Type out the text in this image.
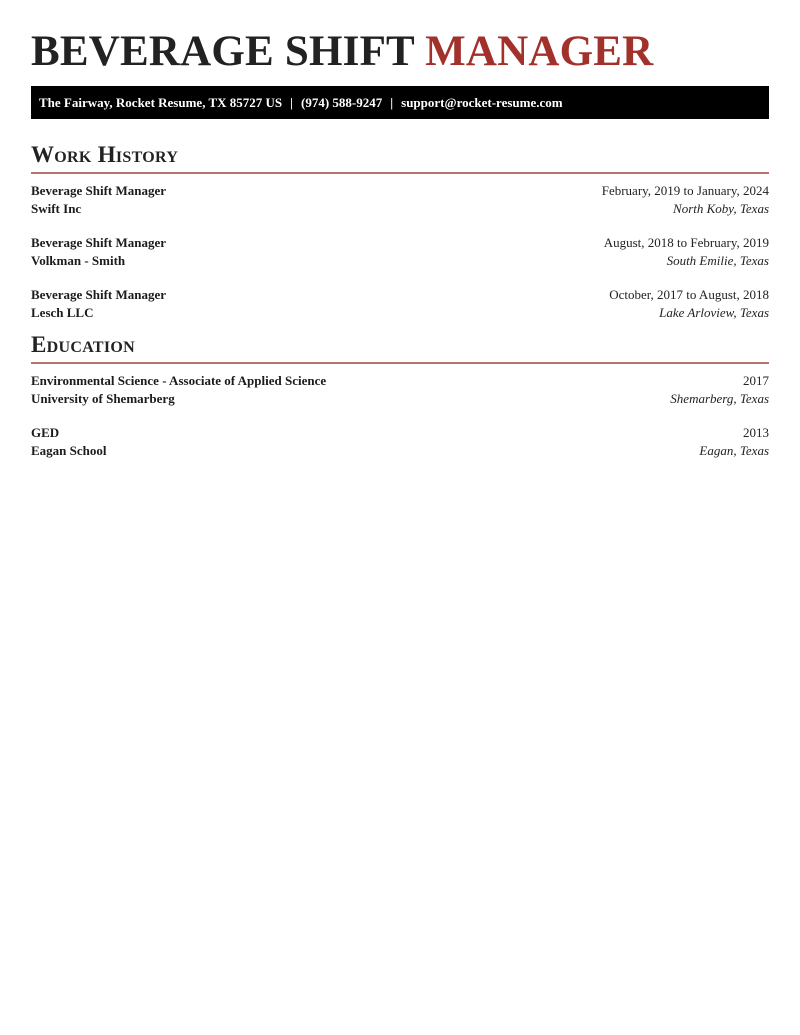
BEVERAGE SHIFT MANAGER
The Fairway, Rocket Resume, TX 85727 US | (974) 588-9247 | support@rocket-resume.com
Work History
Beverage Shift Manager	February, 2019 to January, 2024
Swift Inc	North Koby, Texas
Beverage Shift Manager	August, 2018 to February, 2019
Volkman - Smith	South Emilie, Texas
Beverage Shift Manager	October, 2017 to August, 2018
Lesch LLC	Lake Arloview, Texas
Education
Environmental Science - Associate of Applied Science	2017
University of Shemarberg	Shemarberg, Texas
GED	2013
Eagan School	Eagan, Texas
